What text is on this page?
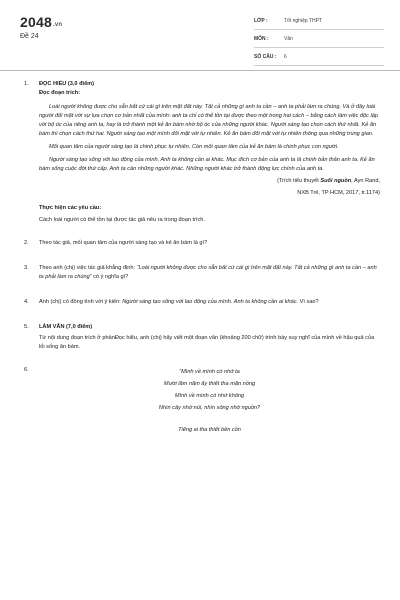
2048.vn
Đề 24
LỚP :	Tốt nghiệp THPT
MÔN :	Văn
SỐ CÂU : 6
1. ĐỌC HIỂU (3,0 điểm)
Đọc đoạn trích:

Loài người không được cho sẵn bất cứ cái gì trên mặt đất này. Tất cả những gì anh ta cần – anh ta phải làm ra chúng. Và ở đây loài người đối mặt với sự lựa chọn cơ bản nhất của mình: anh ta chỉ có thể tồn tại được theo một trong hai cách – bằng cách làm việc độc lập với bộ óc của riêng anh ta, hay là trở thành một kẻ ăn bám nhờ bộ óc của những người khác. Người sáng tạo chọn cách thứ nhất. Kẻ ăn bám thì chọn cách thứ hai. Người sáng tạo một mình đối mặt với tự nhiên. Kẻ ăn bám đối mặt với tự nhiên thông qua những trung gian.

Mối quan tâm của người sáng tạo là chinh phục tự nhiên. Còn mối quan tâm của kẻ ăn bám là chinh phục con người.

Người sáng tạo sống với lao động của mình. Anh ta không cần ai khác. Mục đích cơ bản của anh ta là chính bản thân anh ta. Kẻ ăn bám sống cuộc đời thứ cấp. Anh ta cần những người khác. Những người khác trở thành động lực chính của anh ta.

(Trích tiểu thuyết Suối nguồn, Ayn Rand,
NXB Trẻ, TP HCM, 2017, tr.1174)
Thực hiện các yêu cầu:
Cách loài người có thể tồn tại được tác giả nêu ra trong đoạn trích.
2. Theo tác giả, mối quan tâm của người sáng tạo và kẻ ăn bám là gì?
3. Theo anh (chị) việc tác giả khẳng định: “Loài người không được cho sẵn bất cứ cái gì trên mặt đất này. Tất cả những gì anh ta cần – anh ta phải làm ra chúng” có ý nghĩa gì?
4. Anh (chị) có đồng tình với ý kiến: Người sáng tạo sống với lao động của mình. Anh ta không cần ai khác. Vì sao?
5. LÀM VĂN (7,0 điểm)
Từ nội dung đoạn trích ở phầnĐọc hiểu, anh (chị) hãy viết một đoạn văn (khoảng 200 chữ) trình bày suy nghĩ của mình về hậu quả của lối sống ăn bám.
6.	“Mình về mình có nhớ ta
Mười lăm năm ấy thiết tha mặn nồng
Mình về mình có nhớ không
Nhìn cây nhớ núi, nhìn sông nhớ nguồn?
Tiếng ai tha thiết bên cồn
